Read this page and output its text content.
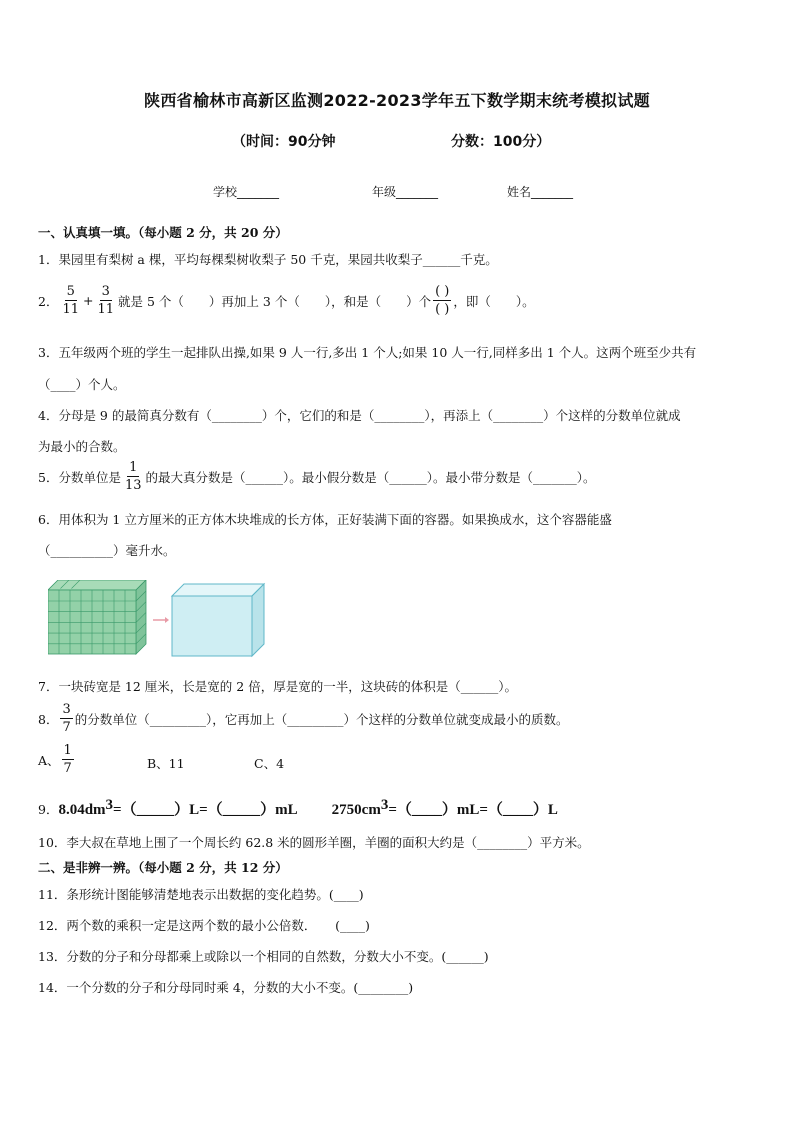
陕西省榆林市高新区监测2022-2023学年五下数学期末统考模拟试题
（时间：90分钟	分数：100分）
学校_______	年级_______	姓名_______
一、认真填一填。（每小题 2 分，共 20 分）
1．果园里有梨树 a 棵，平均每棵梨树收梨子 50 千克，果园共收梨子______千克。
2． $\frac{5}{11} + \frac{3}{11}$ 就是 5 个（　　）再加上 3 个（　　），和是（　　）个 $\frac{( )}{( )}$ ，即（　　）。
3．五年级两个班的学生一起排队出操,如果 9 人一行,多出 1 个人;如果 10 人一行,同样多出 1 个人。这两个班至少共有
（____）个人。
4．分母是 9 的最简真分数有（________）个，它们的和是（________），再添上（________）个这样的分数单位就成
为最小的合数。
5．分数单位是 $\frac{1}{13}$ 的最大真分数是（______）。最小假分数是（______）。最小带分数是（_______）。
6．用体积为 1 立方厘米的正方体木块堆成的长方体，正好装满下面的容器。如果换成水，这个容器能盛
（__________）毫升水。
7．一块砖宽是 12 厘米，长是宽的 2 倍，厚是宽的一半，这块砖的体积是（______）。
8． $\frac{3}{7}$ 的分数单位（_________），它再加上（_________）个这样的分数单位就变成最小的质数。
A、 $\frac{1}{7}$	B、11	C、4
9．$8.04dm^3=(\_\_\_\_\_)L=(\_\_\_\_\_)mL$ $2750cm^3=(\_\_\_\_)mL=(\_\_\_\_)L$
10．李大叔在草地上围了一个周长约 62.8 米的圆形羊圈，羊圈的面积大约是（________）平方米。
二、是非辨一辨。（每小题 2 分，共 12 分）
11．条形统计图能够清楚地表示出数据的变化趋势。(____)
12．两个数的乘积一定是这两个数的最小公倍数．　　(____)
13．分数的分子和分母都乘上或除以一个相同的自然数，分数大小不变。(______)
14．一个分数的分子和分母同时乘 4，分数的大小不变。(________)
